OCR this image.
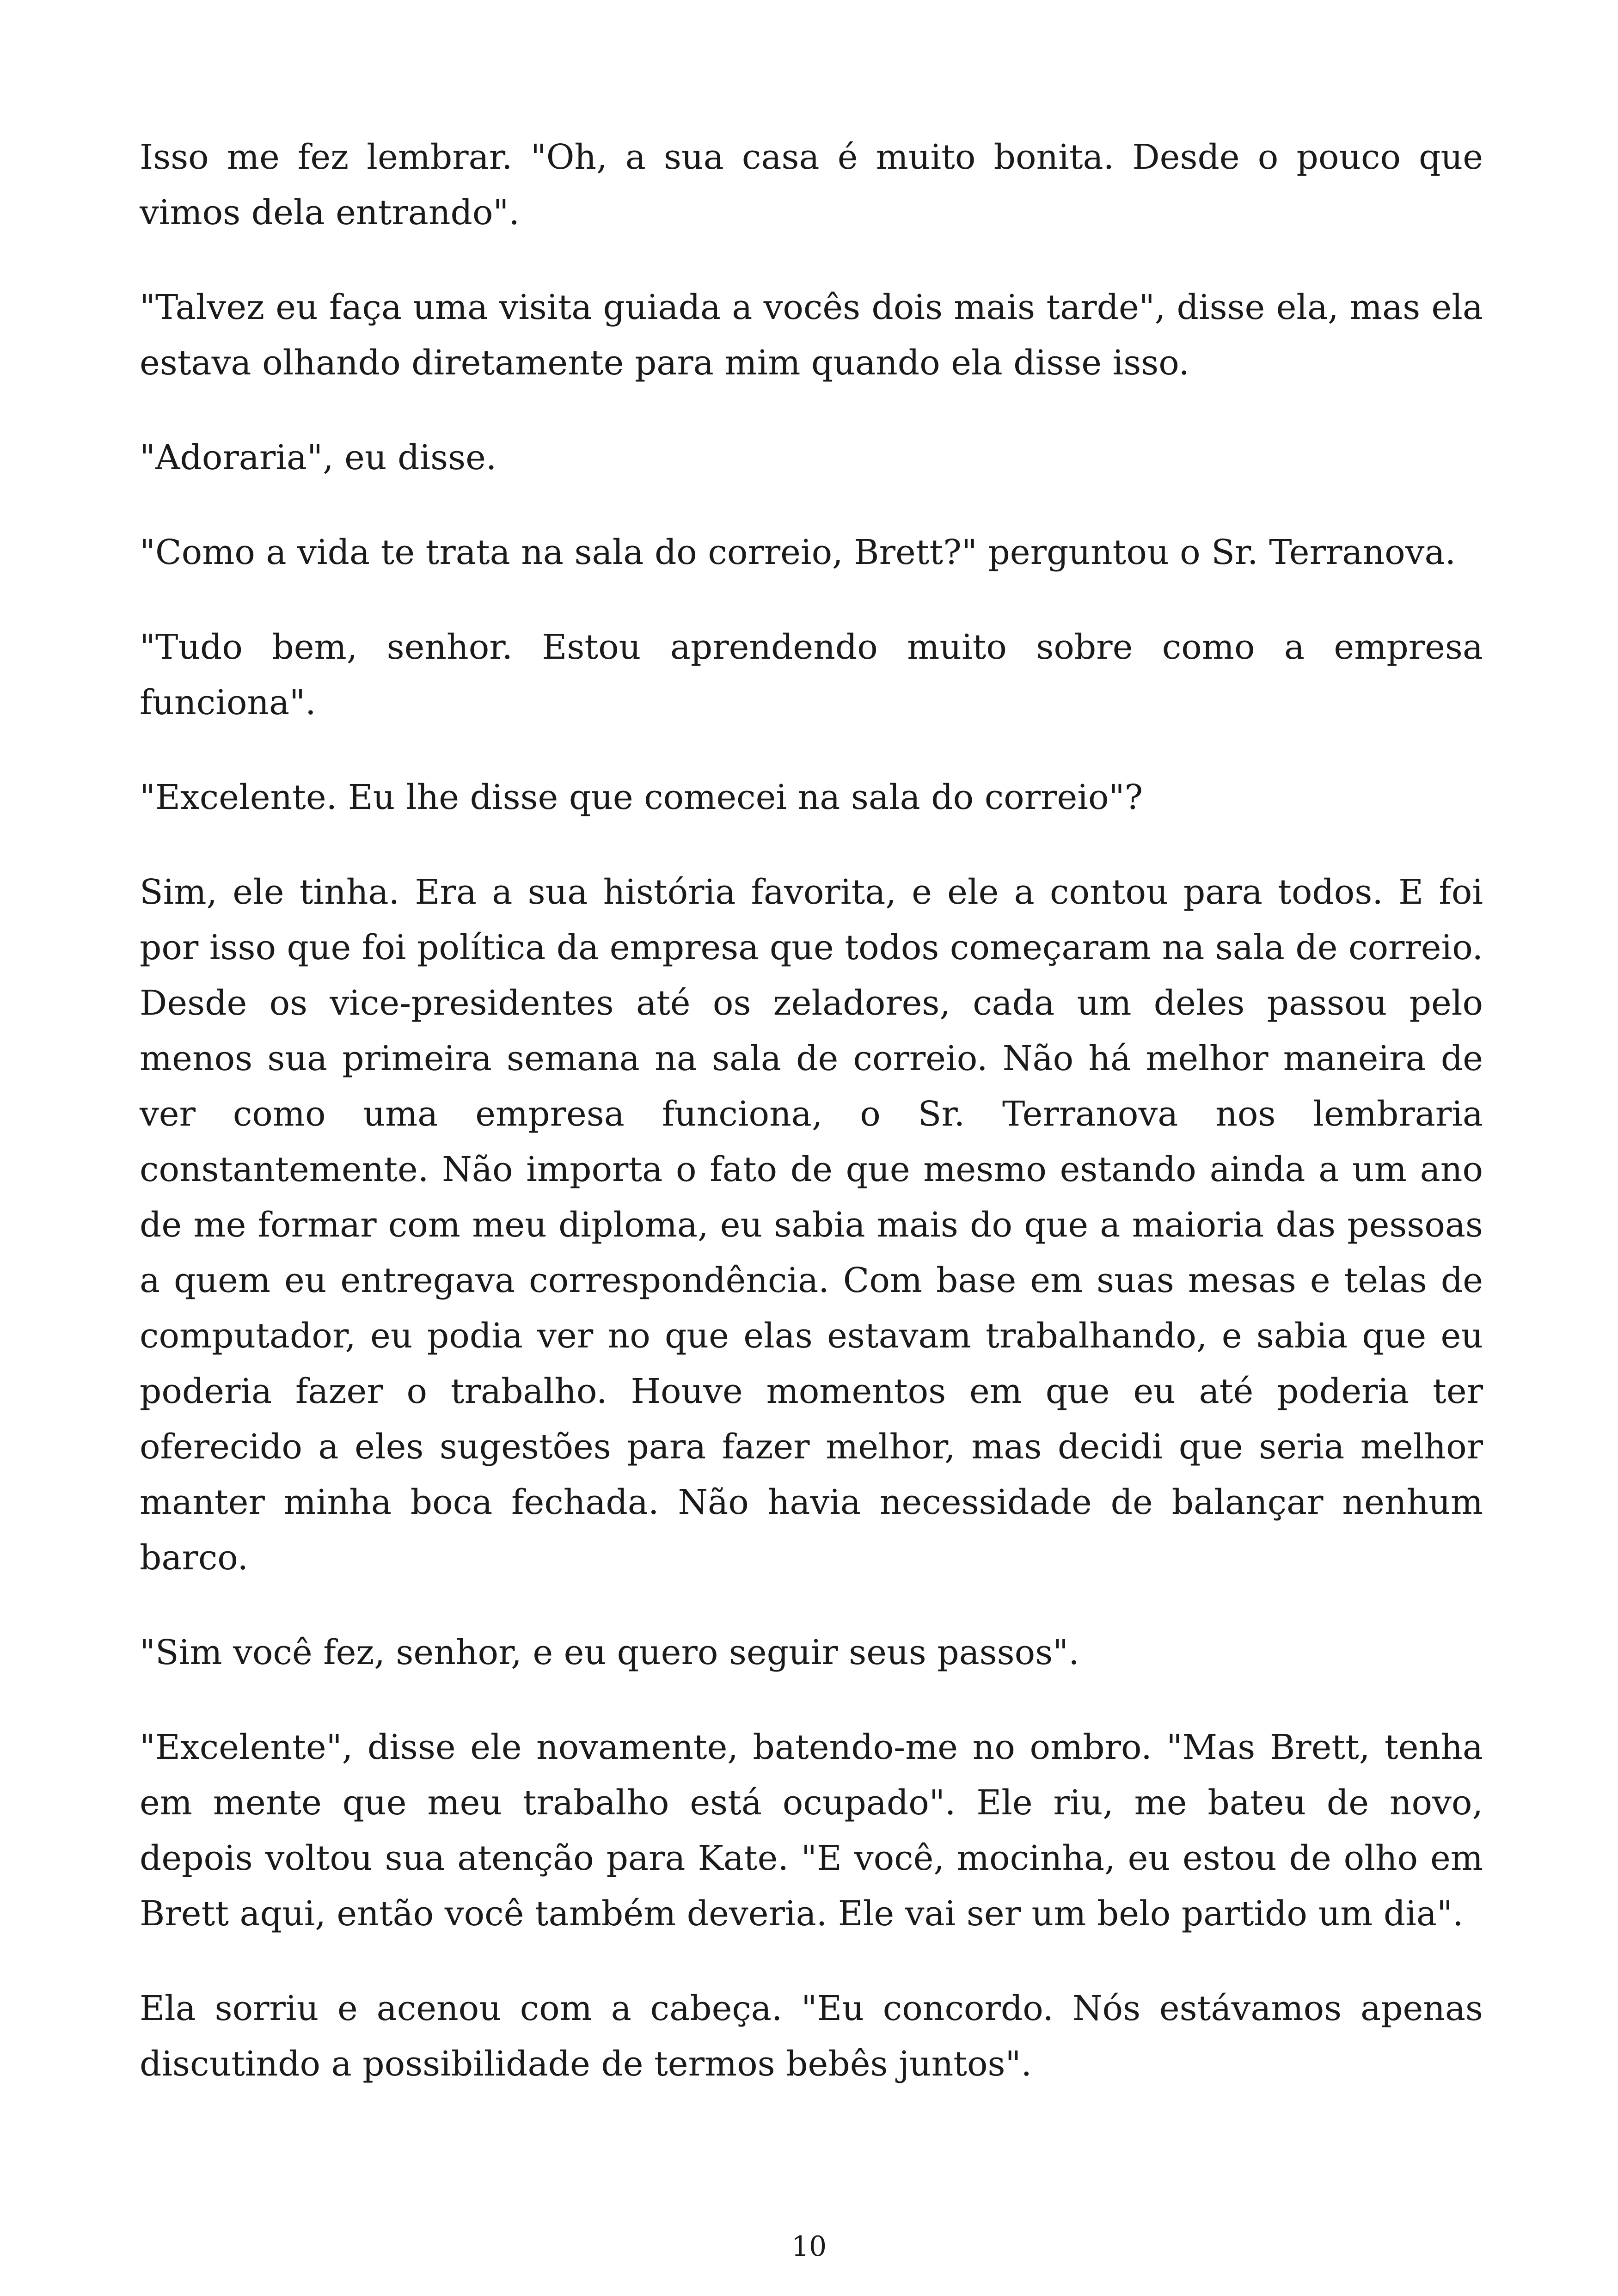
Isso me fez lembrar. "Oh, a sua casa é muito bonita. Desde o pouco que vimos dela entrando".

"Talvez eu faça uma visita guiada a vocês dois mais tarde", disse ela, mas ela estava olhando diretamente para mim quando ela disse isso.

"Adoraria", eu disse.

"Como a vida te trata na sala do correio, Brett?" perguntou o Sr. Terranova.

"Tudo bem, senhor. Estou aprendendo muito sobre como a empresa funciona".

"Excelente. Eu lhe disse que comecei na sala do correio"?

Sim, ele tinha. Era a sua história favorita, e ele a contou para todos. E foi por isso que foi política da empresa que todos começaram na sala de correio. Desde os vice-presidentes até os zeladores, cada um deles passou pelo menos sua primeira semana na sala de correio. Não há melhor maneira de ver como uma empresa funciona, o Sr. Terranova nos lembraria constantemente. Não importa o fato de que mesmo estando ainda a um ano de me formar com meu diploma, eu sabia mais do que a maioria das pessoas a quem eu entregava correspondência. Com base em suas mesas e telas de computador, eu podia ver no que elas estavam trabalhando, e sabia que eu poderia fazer o trabalho. Houve momentos em que eu até poderia ter oferecido a eles sugestões para fazer melhor, mas decidi que seria melhor manter minha boca fechada. Não havia necessidade de balançar nenhum barco.

"Sim você fez, senhor, e eu quero seguir seus passos".

"Excelente", disse ele novamente, batendo-me no ombro. "Mas Brett, tenha em mente que meu trabalho está ocupado". Ele riu, me bateu de novo, depois voltou sua atenção para Kate. "E você, mocinha, eu estou de olho em Brett aqui, então você também deveria. Ele vai ser um belo partido um dia".

Ela sorriu e acenou com a cabeça. "Eu concordo. Nós estávamos apenas discutindo a possibilidade de termos bebês juntos".

10
